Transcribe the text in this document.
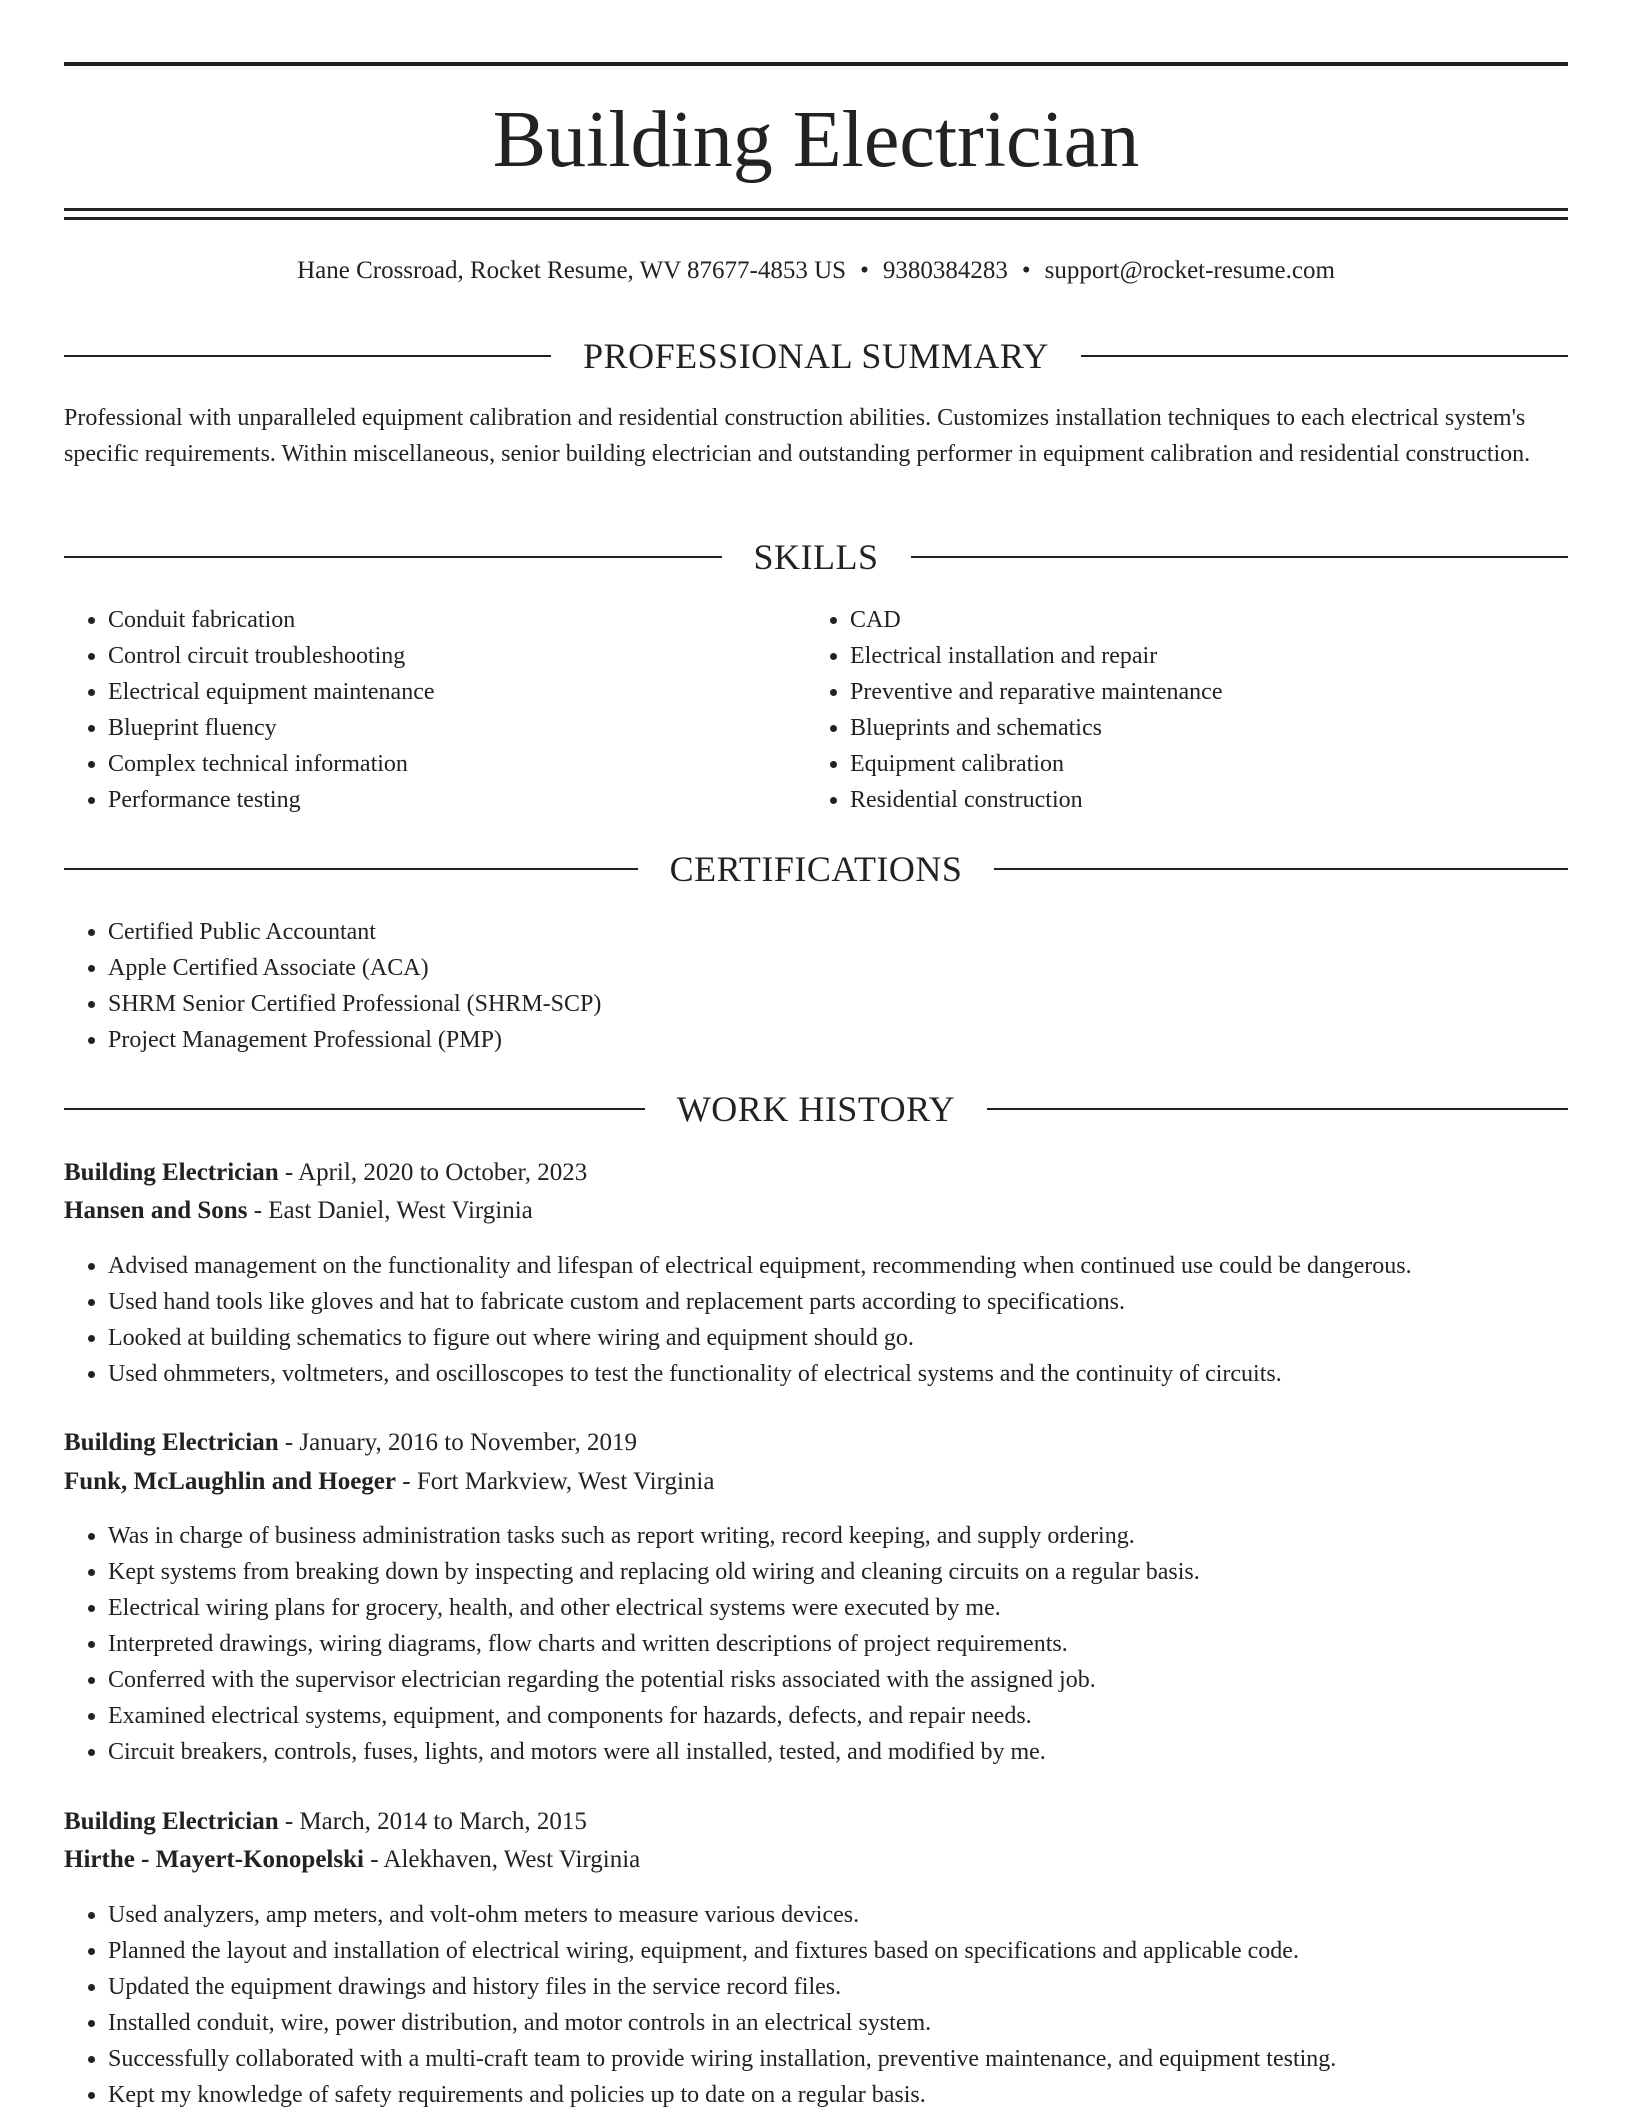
Building Electrician
Hane Crossroad, Rocket Resume, WV 87677-4853 US • 9380384283 • support@rocket-resume.com
PROFESSIONAL SUMMARY

Professional with unparalleled equipment calibration and residential construction abilities. Customizes installation techniques to each electrical system's specific requirements. Within miscellaneous, senior building electrician and outstanding performer in equipment calibration and residential construction.

SKILLS
• Conduit fabrication
• Control circuit troubleshooting
• Electrical equipment maintenance
• Blueprint fluency
• Complex technical information
• Performance testing
• CAD
• Electrical installation and repair
• Preventive and reparative maintenance
• Blueprints and schematics
• Equipment calibration
• Residential construction
CERTIFICATIONS
• Certified Public Accountant
• Apple Certified Associate (ACA)
• SHRM Senior Certified Professional (SHRM-SCP)
• Project Management Professional (PMP)
WORK HISTORY
Building Electrician - April, 2020 to October, 2023
Hansen and Sons - East Daniel, West Virginia
• Advised management on the functionality and lifespan of electrical equipment, recommending when continued use could be dangerous.
• Used hand tools like gloves and hat to fabricate custom and replacement parts according to specifications.
• Looked at building schematics to figure out where wiring and equipment should go.
• Used ohmmeters, voltmeters, and oscilloscopes to test the functionality of electrical systems and the continuity of circuits.
Building Electrician - January, 2016 to November, 2019
Funk, McLaughlin and Hoeger - Fort Markview, West Virginia
• Was in charge of business administration tasks such as report writing, record keeping, and supply ordering.
• Kept systems from breaking down by inspecting and replacing old wiring and cleaning circuits on a regular basis.
• Electrical wiring plans for grocery, health, and other electrical systems were executed by me.
• Interpreted drawings, wiring diagrams, flow charts and written descriptions of project requirements.
• Conferred with the supervisor electrician regarding the potential risks associated with the assigned job.
• Examined electrical systems, equipment, and components for hazards, defects, and repair needs.
• Circuit breakers, controls, fuses, lights, and motors were all installed, tested, and modified by me.
Building Electrician - March, 2014 to March, 2015
Hirthe - Mayert-Konopelski - Alekhaven, West Virginia
• Used analyzers, amp meters, and volt-ohm meters to measure various devices.
• Planned the layout and installation of electrical wiring, equipment, and fixtures based on specifications and applicable code.
• Updated the equipment drawings and history files in the service record files.
• Installed conduit, wire, power distribution, and motor controls in an electrical system.
• Successfully collaborated with a multi-craft team to provide wiring installation, preventive maintenance, and equipment testing.
• Kept my knowledge of safety requirements and policies up to date on a regular basis.
